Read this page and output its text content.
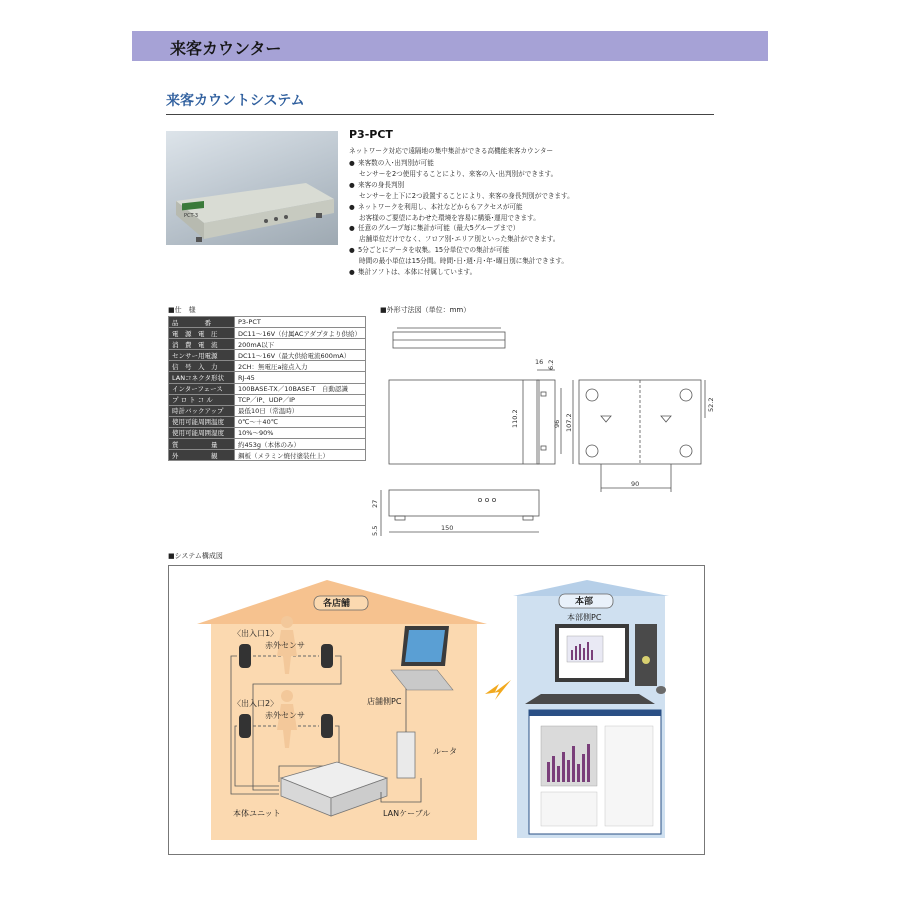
来客カウンター
来客カウントシステム
PCT-3
P3-PCT
ネットワーク対応で遠隔地の集中集計ができる高機能来客カウンター
● 来客数の入･出判別が可能
センサーを2つ使用することにより、来客の入･出判別ができます。
● 来客の身長判別
センサーを上下に2つ設置することにより、来客の身長判別ができます。
● ネットワークを利用し、本社などからもアクセスが可能
お客様のご要望にあわせた環境を容易に構築･運用できます。
● 任意のグループ毎に集計が可能（最大5グループまで）
店舗単位だけでなく、フロア別･エリア別といった集計ができます。
● 5分ごとにデータを収集。15分単位での集計が可能
時間の最小単位は15分間。時間･日･週･月･年･曜日別に集計できます。
● 集計ソフトは、本体に付属しています。
■仕　様
品　　　　番	P3-PCT
電　源　電　圧	DC11～16V（付属ACアダプタより供給）
消　費　電　流	200mA以下
センサー用電源	DC11～16V（最大供給電流600mA）
信　号　入　力	2CH：無電圧a接点入力
LANコネクタ形状	RJ-45
インターフェース	100BASE-TX／10BASE-T　自動認識
プ ロ ト コ ル	TCP／IP、UDP／IP
時計バックアップ	最低10日（常温時）
使用可能周囲温度	0℃～＋40℃
使用可能周囲湿度	10%～90%
質　　　　　量	約453g（本体のみ）
外　　　　　観	鋼板（メラミン焼付塗装仕上）
■外形寸法図（単位：mm）
110.2	96 107.2
16 6.2
90
52.2
27
5.5	150
■システム構成図
各店舗	本部
〈出入口1〉
赤外センサ
〈出入口2〉
赤外センサ
店舗側PC
ルータ
本体ユニット	LANケーブル
本部側PC
